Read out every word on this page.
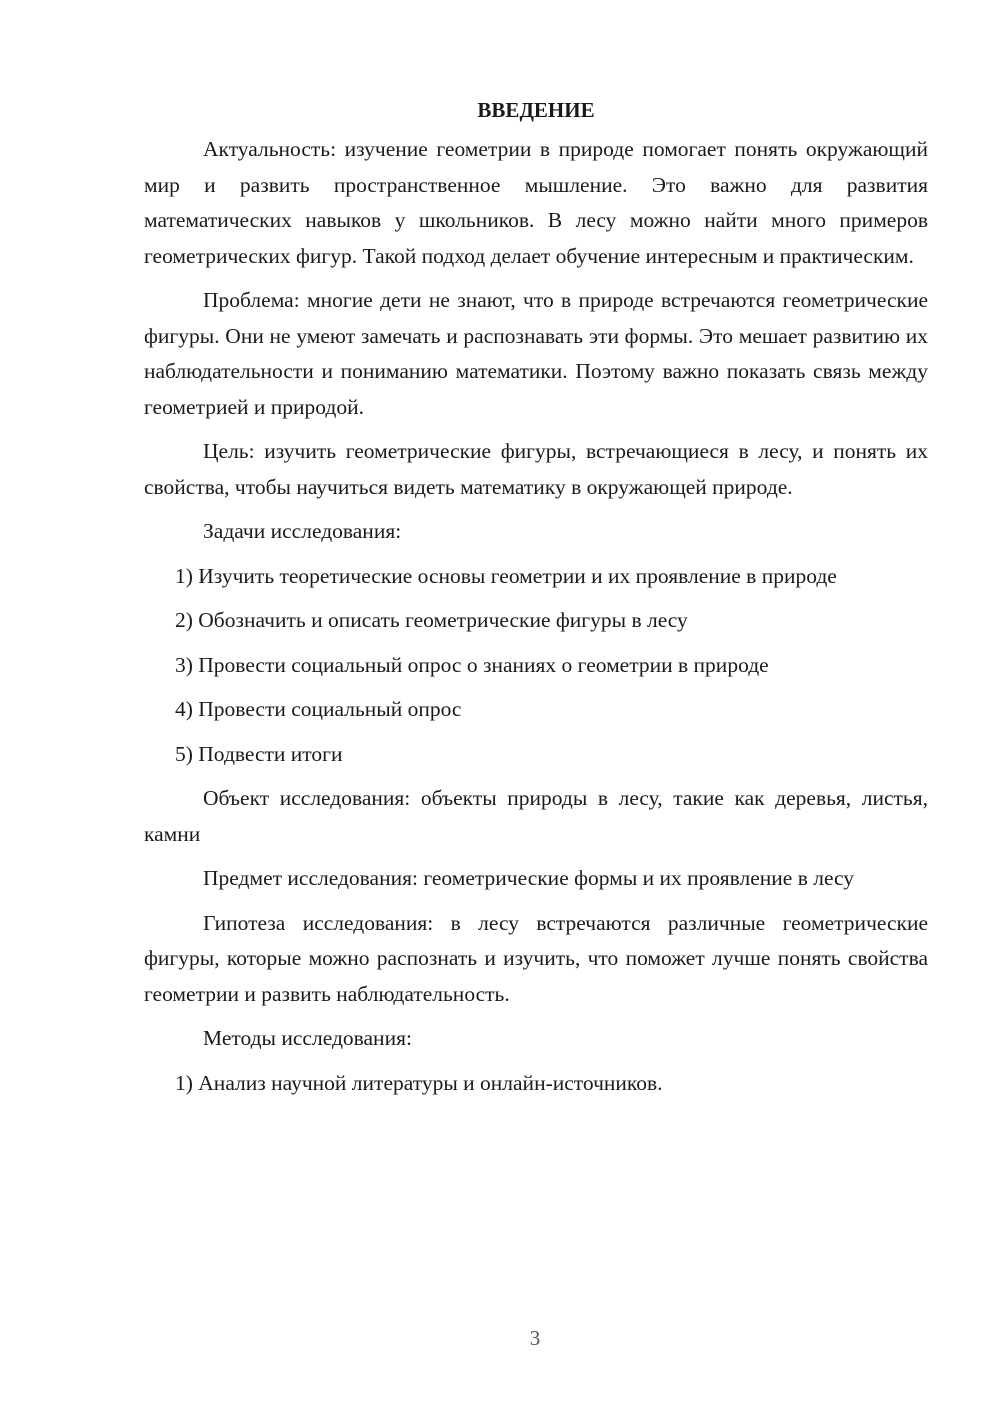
ВВЕДЕНИЕ

Актуальность: изучение геометрии в природе помогает понять окружающий мир и развить пространственное мышление. Это важно для развития математических навыков у школьников. В лесу можно найти много примеров геометрических фигур. Такой подход делает обучение интересным и практическим.

Проблема: многие дети не знают, что в природе встречаются геометрические фигуры. Они не умеют замечать и распознавать эти формы. Это мешает развитию их наблюдательности и пониманию математики. Поэтому важно показать связь между геометрией и природой.

Цель: изучить геометрические фигуры, встречающиеся в лесу, и понять их свойства, чтобы научиться видеть математику в окружающей природе.

Задачи исследования:

1) Изучить теоретические основы геометрии и их проявление в природе

2) Обозначить и описать геометрические фигуры в лесу

3) Провести социальный опрос о знаниях о геометрии в природе

4) Провести социальный опрос

5) Подвести итоги

Объект исследования: объекты природы в лесу, такие как деревья, листья, камни

Предмет исследования: геометрические формы и их проявление в лесу

Гипотеза исследования: в лесу встречаются различные геометрические фигуры, которые можно распознать и изучить, что поможет лучше понять свойства геометрии и развить наблюдательность.

Методы исследования:

1) Анализ научной литературы и онлайн-источников.

3
